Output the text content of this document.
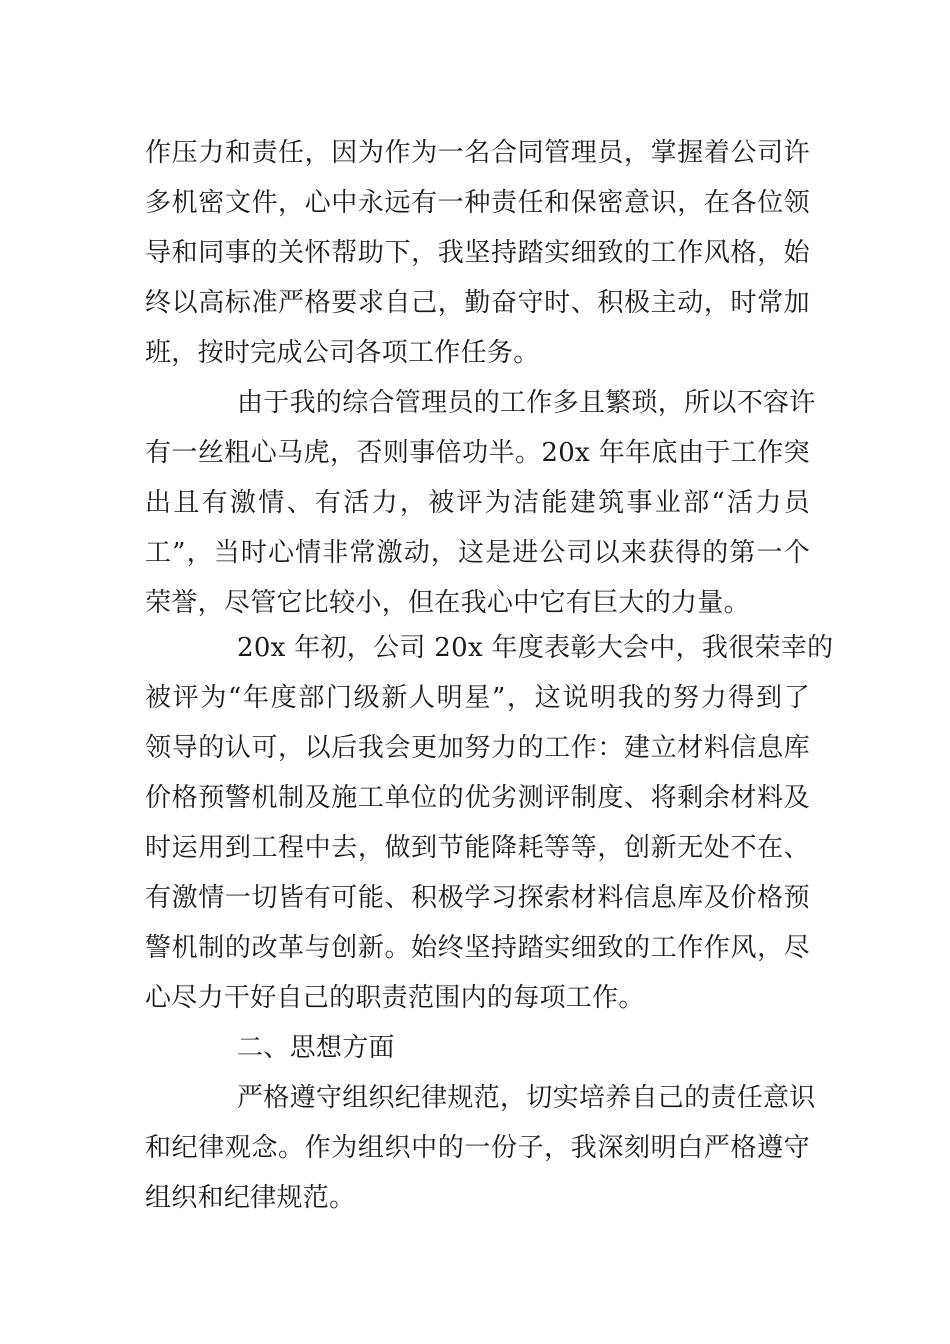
作压力和责任，因为作为一名合同管理员，掌握着公司许
多机密文件，心中永远有一种责任和保密意识，在各位领
导和同事的关怀帮助下，我坚持踏实细致的工作风格，始
终以高标准严格要求自己，勤奋守时、积极主动，时常加
班，按时完成公司各项工作任务。
由于我的综合管理员的工作多且繁琐，所以不容许
有一丝粗心马虎，否则事倍功半。20x 年年底由于工作突
出且有激情、有活力，被评为洁能建筑事业部“活力员
工”，当时心情非常激动，这是进公司以来获得的第一个
荣誉，尽管它比较小，但在我心中它有巨大的力量。
20x 年初，公司 20x 年度表彰大会中，我很荣幸的
被评为“年度部门级新人明星”，这说明我的努力得到了
领导的认可，以后我会更加努力的工作：建立材料信息库
价格预警机制及施工单位的优劣测评制度、将剩余材料及
时运用到工程中去，做到节能降耗等等，创新无处不在、
有激情一切皆有可能、积极学习探索材料信息库及价格预
警机制的改革与创新。始终坚持踏实细致的工作作风，尽
心尽力干好自己的职责范围内的每项工作。
二、思想方面
严格遵守组织纪律规范，切实培养自己的责任意识
和纪律观念。作为组织中的一份子，我深刻明白严格遵守
组织和纪律规范。
